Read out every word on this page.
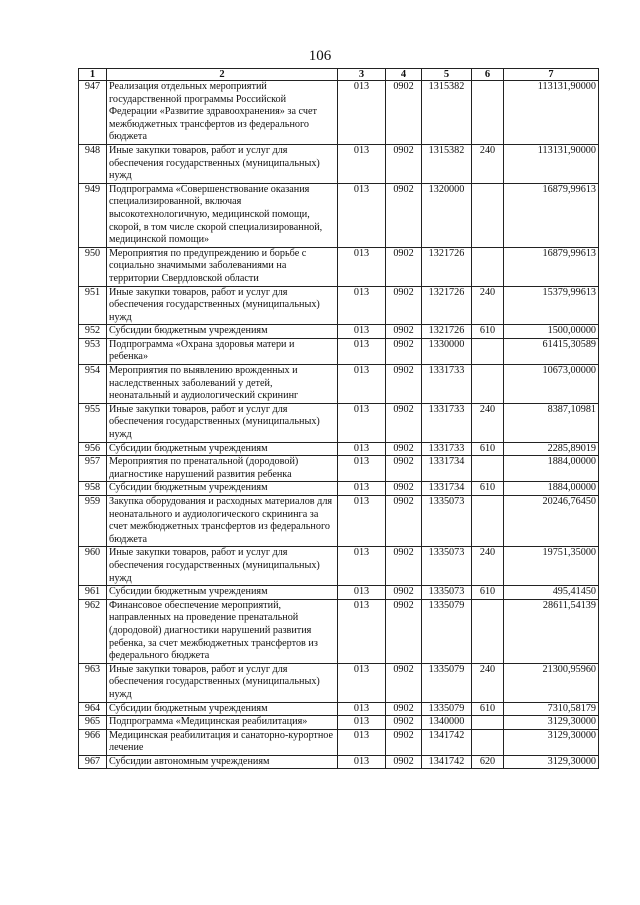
106
1	2	3	4	5	6	7
947	Реализация отдельных мероприятий государственной программы Российской Федерации «Развитие здравоохранения» за счет межбюджетных трансфертов из федерального бюджета	013	0902	1315382		113131,90000
948	Иные закупки товаров, работ и услуг для обеспечения государственных (муниципальных) нужд	013	0902	1315382	240	113131,90000
949	Подпрограмма «Совершенствование оказания специализированной, включая высокотехнологичную, медицинской помощи, скорой, в том числе скорой специализированной, медицинской помощи»	013	0902	1320000		16879,99613
950	Мероприятия по предупреждению и борьбе с социально значимыми заболеваниями на территории Свердловской области	013	0902	1321726		16879,99613
951	Иные закупки товаров, работ и услуг для обеспечения государственных (муниципальных) нужд	013	0902	1321726	240	15379,99613
952	Субсидии бюджетным учреждениям	013	0902	1321726	610	1500,00000
953	Подпрограмма «Охрана здоровья матери и ребенка»	013	0902	1330000		61415,30589
954	Мероприятия по выявлению врожденных и наследственных заболеваний у детей, неонатальный и аудиологический скрининг	013	0902	1331733		10673,00000
955	Иные закупки товаров, работ и услуг для обеспечения государственных (муниципальных) нужд	013	0902	1331733	240	8387,10981
956	Субсидии бюджетным учреждениям	013	0902	1331733	610	2285,89019
957	Мероприятия по пренатальной (дородовой) диагностике нарушений развития ребенка	013	0902	1331734		1884,00000
958	Субсидии бюджетным учреждениям	013	0902	1331734	610	1884,00000
959	Закупка оборудования и расходных материалов для неонатального и аудиологического скрининга за счет межбюджетных трансфертов из федерального бюджета	013	0902	1335073		20246,76450
960	Иные закупки товаров, работ и услуг для обеспечения государственных (муниципальных) нужд	013	0902	1335073	240	19751,35000
961	Субсидии бюджетным учреждениям	013	0902	1335073	610	495,41450
962	Финансовое обеспечение мероприятий, направленных на проведение пренатальной (дородовой) диагностики нарушений развития ребенка, за счет межбюджетных трансфертов из федерального бюджета	013	0902	1335079		28611,54139
963	Иные закупки товаров, работ и услуг для обеспечения государственных (муниципальных) нужд	013	0902	1335079	240	21300,95960
964	Субсидии бюджетным учреждениям	013	0902	1335079	610	7310,58179
965	Подпрограмма «Медицинская реабилитация»	013	0902	1340000		3129,30000
966	Медицинская реабилитация и санаторно-курортное лечение	013	0902	1341742		3129,30000
967	Субсидии автономным учреждениям	013	0902	1341742	620	3129,30000
